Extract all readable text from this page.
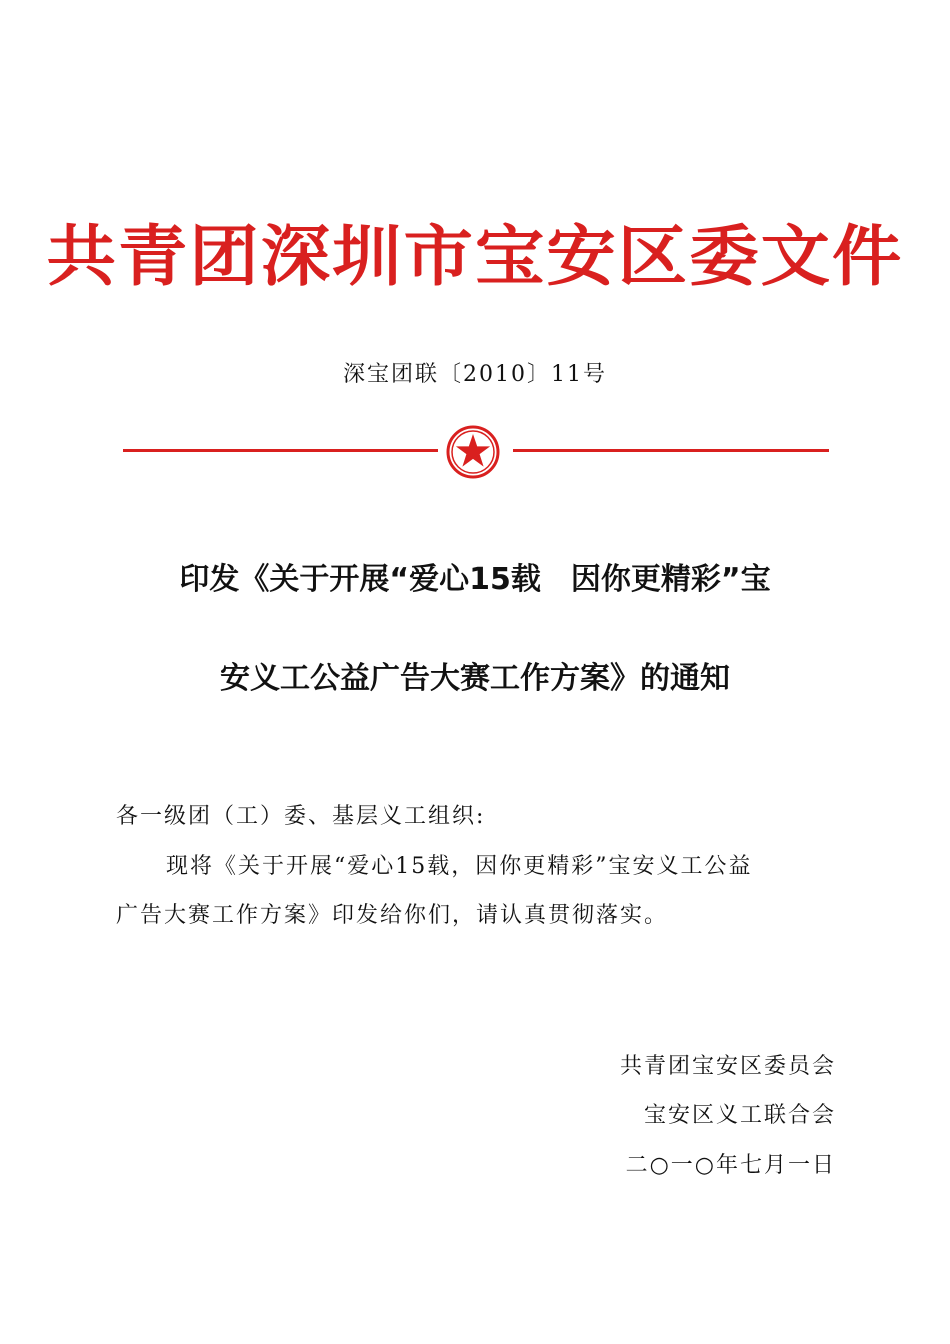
共青团深圳市宝安区委文件
深宝团联〔2010〕11号
印发《关于开展“爱心15载　因你更精彩”宝
安义工公益广告大赛工作方案》的通知
各一级团（工）委、基层义工组织:
现将《关于开展“爱心15载，因你更精彩”宝安义工公益
广告大赛工作方案》印发给你们，请认真贯彻落实。
共青团宝安区委员会
宝安区义工联合会
二○一○年七月一日
